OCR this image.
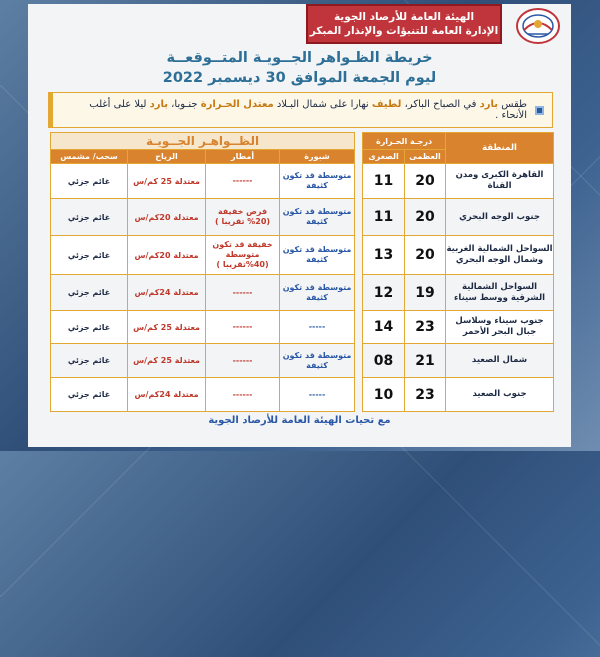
الهيئة العامة للأرصاد الجوية
الإدارة العامة للتنبؤات والإنذار المبكر
خريطة الظـواهر الجــويـة المتــوقعــة
ليوم الجمعة الموافق 30 ديسمبر 2022
طقس بارد في الصباح الباكر، لطيف نهارا على شمال البـلاد معتدل الحـرارة جنـوبا، بارد ليلا على أغلب الأنحاء .
المنطقة	درجـة الحـرارة			الظــواهـر الجــويـة			
	العظمى	الصغرى		شبورة	أمطار	الرياح	سحب/ مشمس
القاهرة الكبرى ومدن القناة	20	11		متوسطة قد تكون كثيفة	------	معتدلة 25 كم/س	غائم جزئي
جنوب الوجه البحري	20	11		متوسطة قد تكون كثيفة	فرص خفيفة (20% تقريبا )	معتدلة 20كم/س	غائم جزئي
السواحل الشمالية الغربية وشمال الوجه البحري	20	13		متوسطة قد تكون كثيفة	خفيفة قد تكون متوسطة (40%تقريبا )	معتدلة 20كم/س	غائم جزئي
السواحل الشمالية الشرقية ووسط سيناء	19	12		متوسطة قد تكون كثيفة	------	معتدلة 24كم/س	غائم جزئي
جنوب سيناء وسلاسل جبال البحر الأحمر	23	14		-----	------	معتدلة 25 كم/س	غائم جزئي
شمال الصعيد	21	08		متوسطة قد تكون كثيفة	------	معتدلة 25 كم/س	غائم جزئي
جنوب الصعيد	23	10		-----	------	معتدلة 24كم/س	غائم جزئي
مع تحيات الهيئة العامة للأرصاد الجوية
